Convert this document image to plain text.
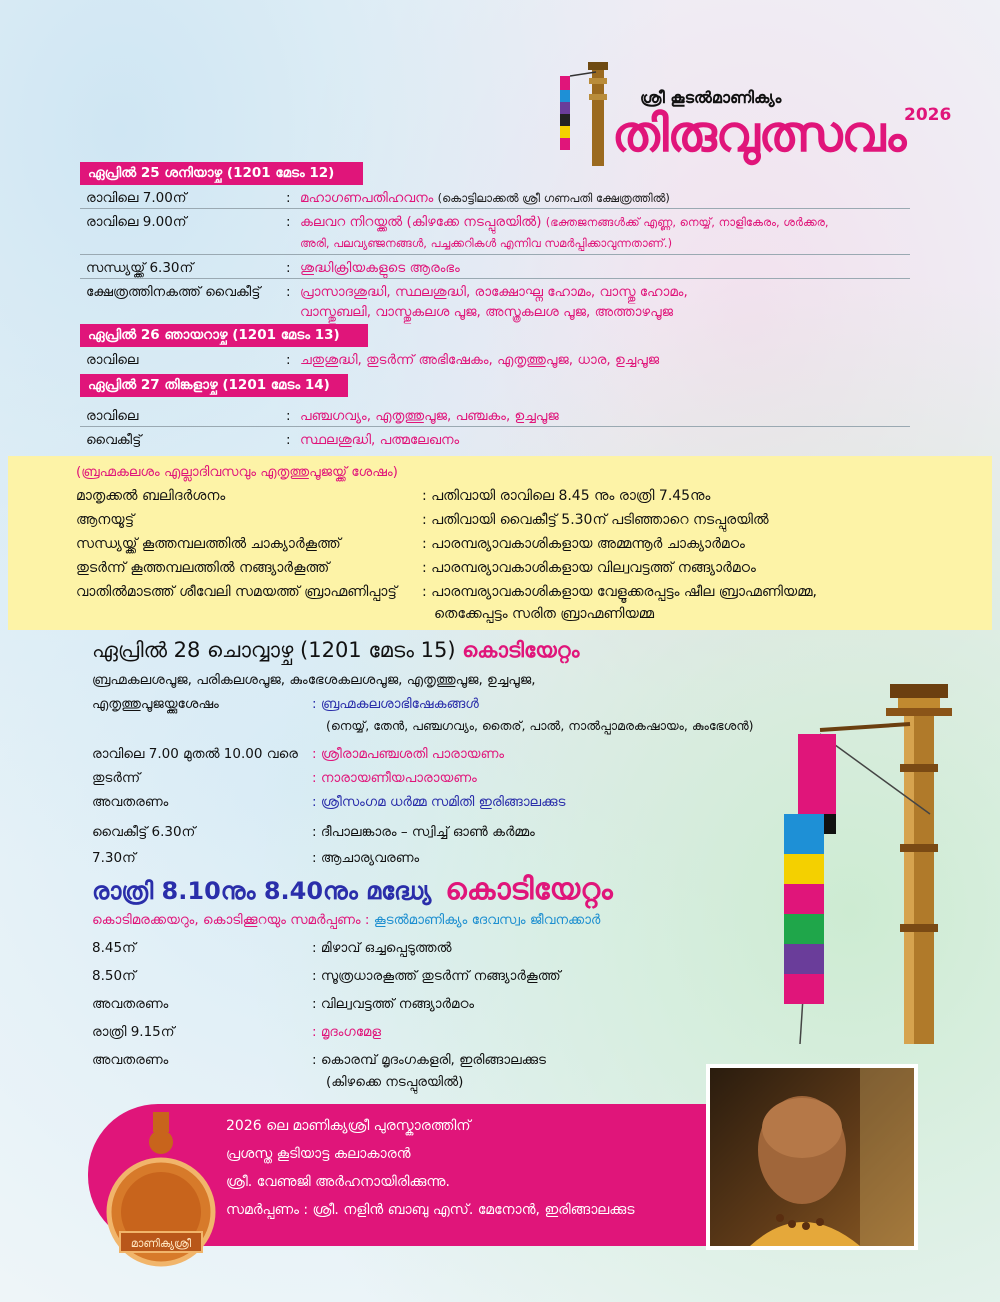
ശ്രീ കൂടൽമാണിക്യം
തിരുവുത്സവം
2026
ഏപ്രിൽ 25 ശനിയാഴ്ച (1201 മേടം 12)
രാവിലെ 7.00ന്	: മഹാഗണപതിഹവനം (കൊട്ടിലാക്കൽ ശ്രീ ഗണപതി ക്ഷേത്രത്തിൽ)
രാവിലെ 9.00ന്	: കലവറ നിറയ്ക്കൽ (കിഴക്കേ നടപ്പുരയിൽ) (ഭക്തജനങ്ങൾക്ക് എണ്ണ, നെയ്യ്, നാളികേരം, ശർക്കര,
അരി, പലവ്യഞ്ജനങ്ങൾ, പച്ചക്കറികൾ എന്നിവ സമർപ്പിക്കാവുന്നതാണ്.)
സന്ധ്യയ്ക്ക് 6.30ന്	: ശുദ്ധിക്രിയകളുടെ ആരംഭം
ക്ഷേത്രത്തിനകത്ത് വൈകീട്ട് : പ്രാസാദശുദ്ധി, സ്ഥലശുദ്ധി, രാക്ഷോഘ്ന ഹോമം, വാസ്തു ഹോമം,
വാസ്തുബലി, വാസ്തുകലശ പൂജ, അസ്ത്രകലശ പൂജ, അത്താഴപൂജ
ഏപ്രിൽ 26 ഞായറാഴ്ച (1201 മേടം 13)
രാവിലെ	: ചതുശുദ്ധി, തുടർന്ന് അഭിഷേകം, എതൃത്തുപൂജ, ധാര, ഉച്ചപൂജ
ഏപ്രിൽ 27 തിങ്കളാഴ്ച (1201 മേടം 14)
രാവിലെ	: പഞ്ചഗവ്യം, എതൃത്തുപൂജ, പഞ്ചകം, ഉച്ചപൂജ
വൈകീട്ട്	: സ്ഥലശുദ്ധി, പത്മലേഖനം
(ബ്രഹ്മകലശം എല്ലാദിവസവും എതൃത്തുപൂജയ്ക്ക് ശേഷം)
മാതൃക്കൽ ബലിദർശനം	: പതിവായി രാവിലെ 8.45 നും രാത്രി 7.45നും
ആനയൂട്ട്	: പതിവായി വൈകീട്ട് 5.30ന് പടിഞ്ഞാറെ നടപ്പുരയിൽ
സന്ധ്യയ്ക്ക് കൂത്തമ്പലത്തിൽ ചാക്യാർകൂത്ത്	: പാരമ്പര്യാവകാശികളായ അമ്മന്നൂർ ചാക്യാർമഠം
തുടർന്ന് കൂത്തമ്പലത്തിൽ നങ്ങ്യാർകൂത്ത്	: പാരമ്പര്യാവകാശികളായ വില്വവട്ടത്ത് നങ്ങ്യാർമഠം
വാതിൽമാടത്ത് ശീവേലി സമയത്ത് ബ്രാഹ്മണിപ്പാട്ട് : പാരമ്പര്യാവകാശികളായ വേളൂക്കരപ്പട്ടം ഷീല ബ്രാഹ്മണിയമ്മ,
തെക്കേപ്പട്ടം സരിത ബ്രാഹ്മണിയമ്മ
ഏപ്രിൽ 28 ചൊവ്വാഴ്ച (1201 മേടം 15) കൊടിയേറ്റം
ബ്രഹ്മകലശപൂജ, പരികലശപൂജ, കുംഭേശകലശപൂജ, എതൃത്തുപൂജ, ഉച്ചപൂജ,
എതൃത്തുപൂജയ്ക്കുശേഷം	: ബ്രഹ്മകലശാഭിഷേകങ്ങൾ
(നെയ്യ്, തേൻ, പഞ്ചഗവ്യം, തൈര്, പാൽ, നാൽപ്പാമരകഷായം, കുംഭേശൻ)
രാവിലെ 7.00 മുതൽ 10.00 വരെ : ശ്രീരാമപഞ്ചശതി പാരായണം
തുടർന്ന്	: നാരായണീയപാരായണം
അവതരണം	: ശ്രീസംഗമ ധർമ്മ സമിതി ഇരിങ്ങാലക്കുട
വൈകീട്ട് 6.30ന്	: ദീപാലങ്കാരം – സ്വിച്ച് ഓൺ കർമ്മം
7.30ന്	: ആചാര്യവരണം
രാത്രി 8.10നും 8.40നും മദ്ധ്യേ കൊടിയേറ്റം
കൊടിമരക്കയറും, കൊടിക്കൂറയും സമർപ്പണം : കൂടൽമാണിക്യം ദേവസ്വം ജീവനക്കാർ
8.45ന്	: മിഴാവ് ഒച്ചപ്പെടുത്തൽ
8.50ന്	: സൂത്രധാരകൂത്ത് തുടർന്ന് നങ്ങ്യാർകൂത്ത്
അവതരണം	: വില്വവട്ടത്ത് നങ്ങ്യാർമഠം
രാത്രി 9.15ന്	: മൃദംഗമേള
അവതരണം	: കൊരമ്പ് മൃദംഗകളരി, ഇരിങ്ങാലക്കുട
(കിഴക്കെ നടപ്പുരയിൽ)
മാണിക്യശ്രീ
2026 ലെ മാണിക്യശ്രീ പുരസ്കാരത്തിന്
പ്രശസ്ത കൂടിയാട്ട കലാകാരൻ
ശ്രീ. വേണുജി അർഹനായിരിക്കുന്നു.
സമർപ്പണം : ശ്രീ. നളിൻ ബാബു എസ്. മേനോൻ, ഇരിങ്ങാലക്കുട
